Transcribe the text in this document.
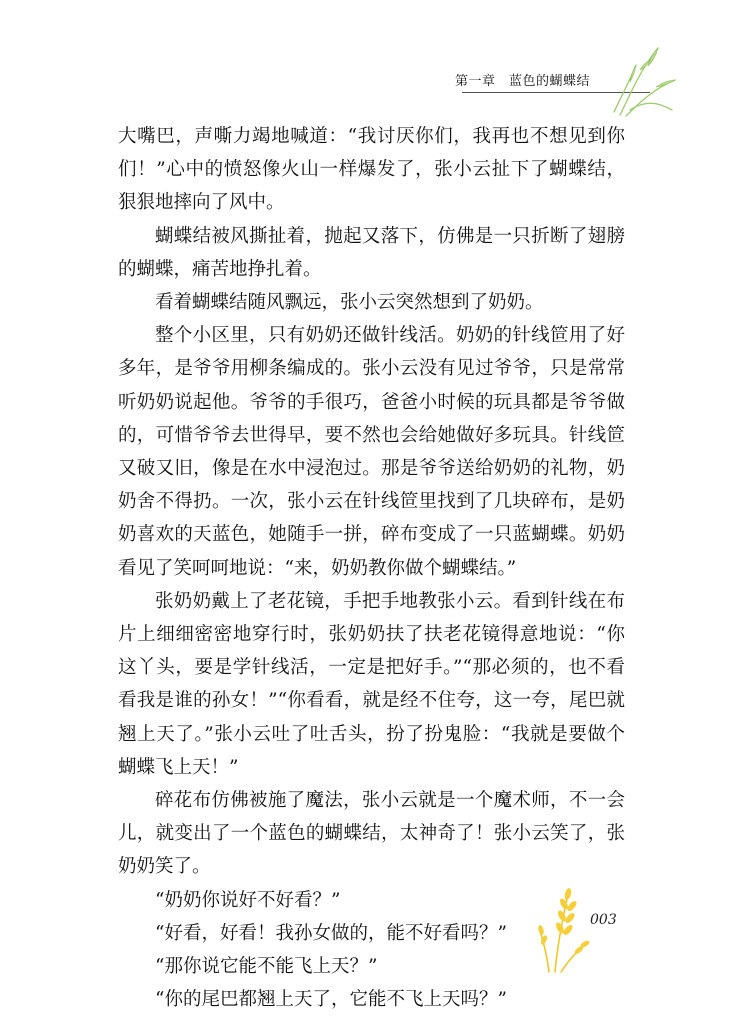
第一章　蓝色的蝴蝶结

大嘴巴，声嘶力竭地喊道：“我讨厌你们，我再也不想见到你们！”心中的愤怒像火山一样爆发了，张小云扯下了蝴蝶结，狠狠地摔向了风中。

蝴蝶结被风撕扯着，抛起又落下，仿佛是一只折断了翅膀的蝴蝶，痛苦地挣扎着。

看着蝴蝶结随风飘远，张小云突然想到了奶奶。

整个小区里，只有奶奶还做针线活。奶奶的针线笸用了好多年，是爷爷用柳条编成的。张小云没有见过爷爷，只是常常听奶奶说起他。爷爷的手很巧，爸爸小时候的玩具都是爷爷做的，可惜爷爷去世得早，要不然也会给她做好多玩具。针线笸又破又旧，像是在水中浸泡过。那是爷爷送给奶奶的礼物，奶奶舍不得扔。一次，张小云在针线笸里找到了几块碎布，是奶奶喜欢的天蓝色，她随手一拼，碎布变成了一只蓝蝴蝶。奶奶看见了笑呵呵地说：“来，奶奶教你做个蝴蝶结。”

张奶奶戴上了老花镜，手把手地教张小云。看到针线在布片上细细密密地穿行时，张奶奶扶了扶老花镜得意地说：“你这丫头，要是学针线活，一定是把好手。”“那必须的，也不看看我是谁的孙女！”“你看看，就是经不住夸，这一夸，尾巴就翘上天了。”张小云吐了吐舌头，扮了扮鬼脸：“我就是要做个蝴蝶飞上天！”

碎花布仿佛被施了魔法，张小云就是一个魔术师，不一会儿，就变出了一个蓝色的蝴蝶结，太神奇了！张小云笑了，张奶奶笑了。

“奶奶你说好不好看？”

“好看，好看！我孙女做的，能不好看吗？”

“那你说它能不能飞上天？”

“你的尾巴都翘上天了，它能不飞上天吗？”

003
